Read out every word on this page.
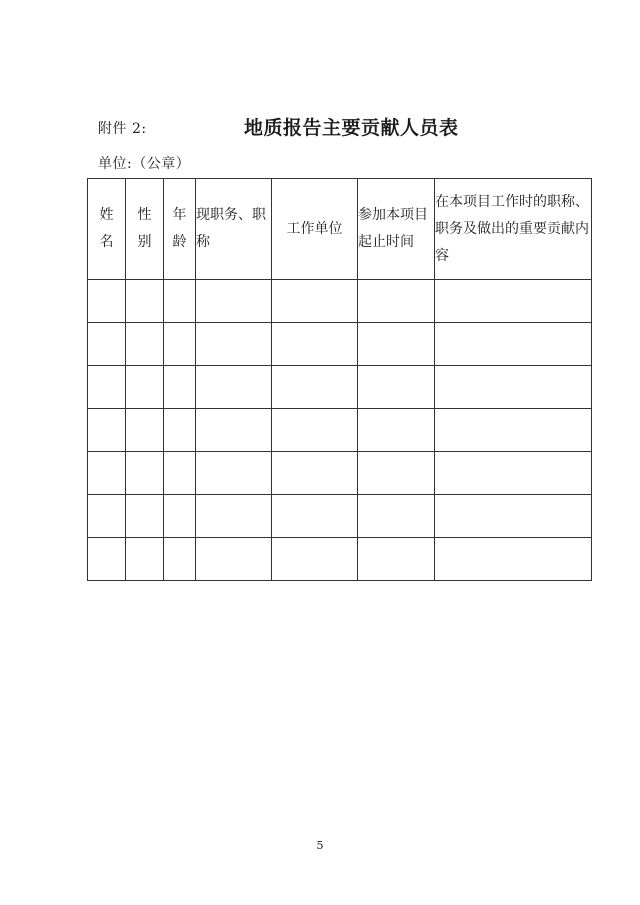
附件 2:	地质报告主要贡献人员表
单位:（公章）
姓名	性别	年龄	现职务、职称	工作单位	参加本项目起止时间	在本项目工作时的职称、职务及做出的重要贡献内容

5
